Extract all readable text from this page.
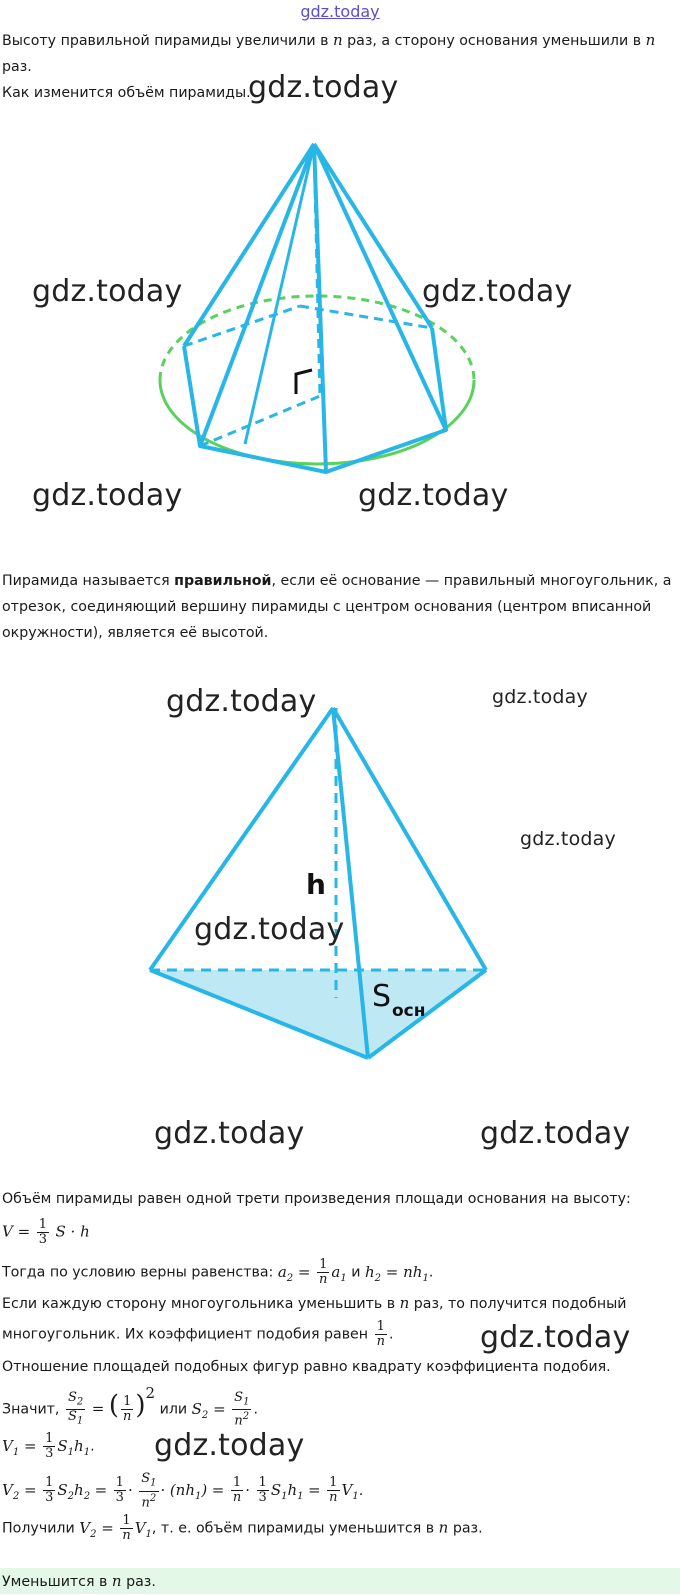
gdz.today
Высоту правильной пирамиды увеличили в n раз, а сторону основания уменьшили в n
раз.
Как изменится объём пирамиды.
gdz.today
gdz.today	gdz.today
gdz.today	gdz.today
Пирамида называется правильной, если её основание — правильный многоугольник, а отрезок, соединяющий вершину пирамиды с центром основания (центром вписанной окружности), является её высотой.
h
S осн
gdz.today	gdz.today
gdz.today
gdz.today
gdz.today	gdz.today
Объём пирамиды равен одной трети произведения площади основания на высоту:
$V = \frac{1}{3}$ S · h
Тогда по условию верны равенства: $a_2 = \frac{1}{n} a_1$ и $h_2 = nh_1$.
Если каждую сторону многоугольника уменьшить в n раз, то получится подобный
многоугольник. Их коэффициент подобия равен $\frac{1}{n}$ .	gdz.today
Отношение площадей подобных фигур равно квадрату коэффициента подобия.
Значит, $\frac{S_2}{S_1}$ = ( $\frac{1}{n} )^2$ или $S_2 = \frac{S_1}{n^2}$ .
$V_1 = \frac{1}{3} S_1h_1$.	gdz.today
$V_2 = \frac{1}{3} S_2h_2 = \frac{1}{3} \cdot \frac{S_1}{n^2} \cdot (nh_1) = \frac{1}{n} \cdot \frac{1}{3} S_1h_1 = \frac{1}{n} V_1$.
Получили $V_2 = \frac{1}{n} V_1$, т. е. объём пирамиды уменьшится в n раз.
Уменьшится в n раз.
